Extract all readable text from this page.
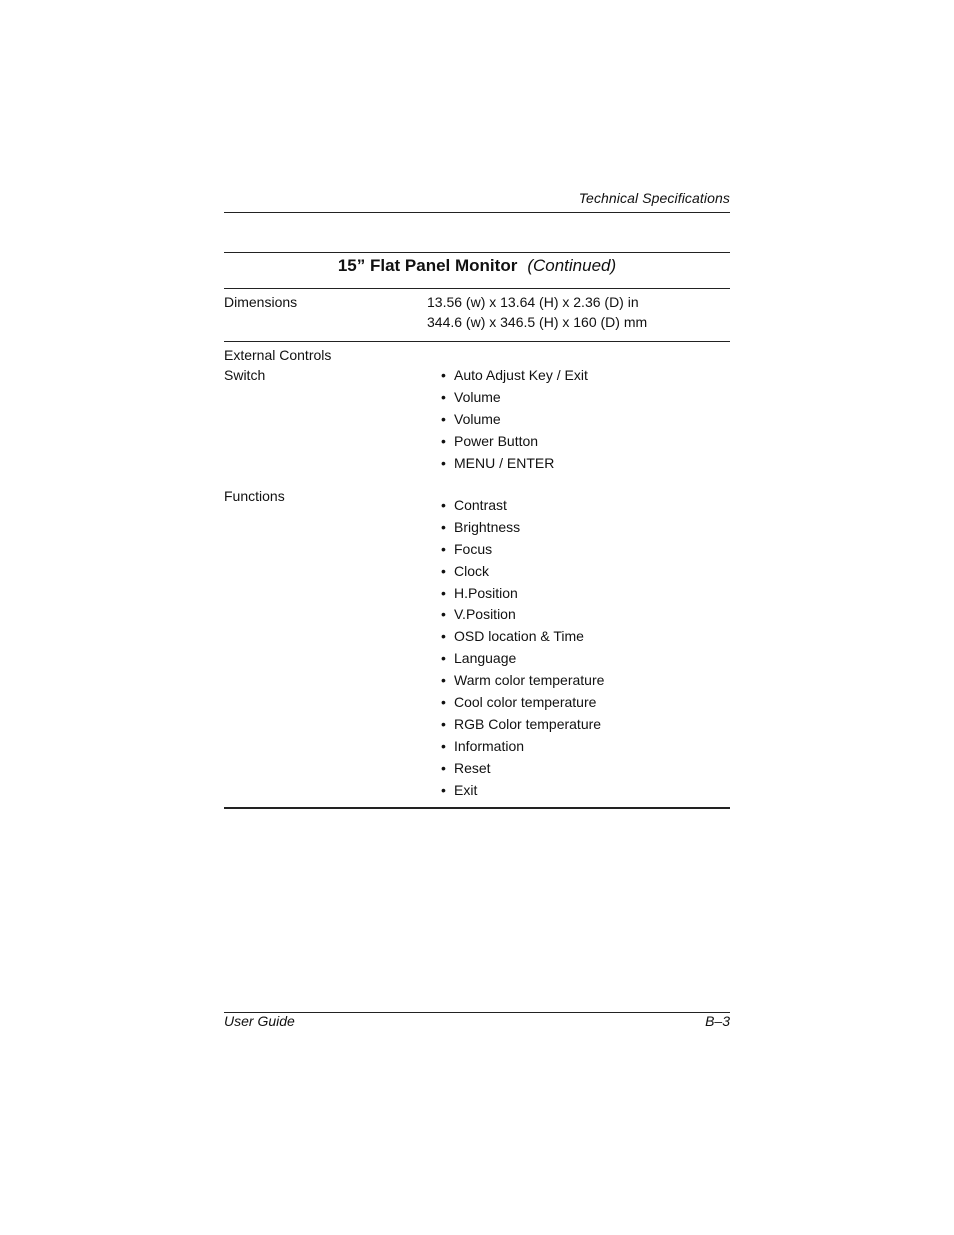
Technical Specifications
15” Flat Panel Monitor (Continued)
Dimensions	13.56 (w) x 13.64 (H) x 2.36 (D) in
344.6 (w) x 346.5 (H) x 160 (D) mm
External Controls
Switch	• Auto Adjust Key / Exit
• Volume
• Volume
• Power Button
• MENU / ENTER
Functions
• Contrast
• Brightness
• Focus
• Clock
• H.Position
• V.Position
• OSD location & Time
• Language
• Warm color temperature
• Cool color temperature
• RGB Color temperature
• Information
• Reset
• Exit
User Guide	B–3
